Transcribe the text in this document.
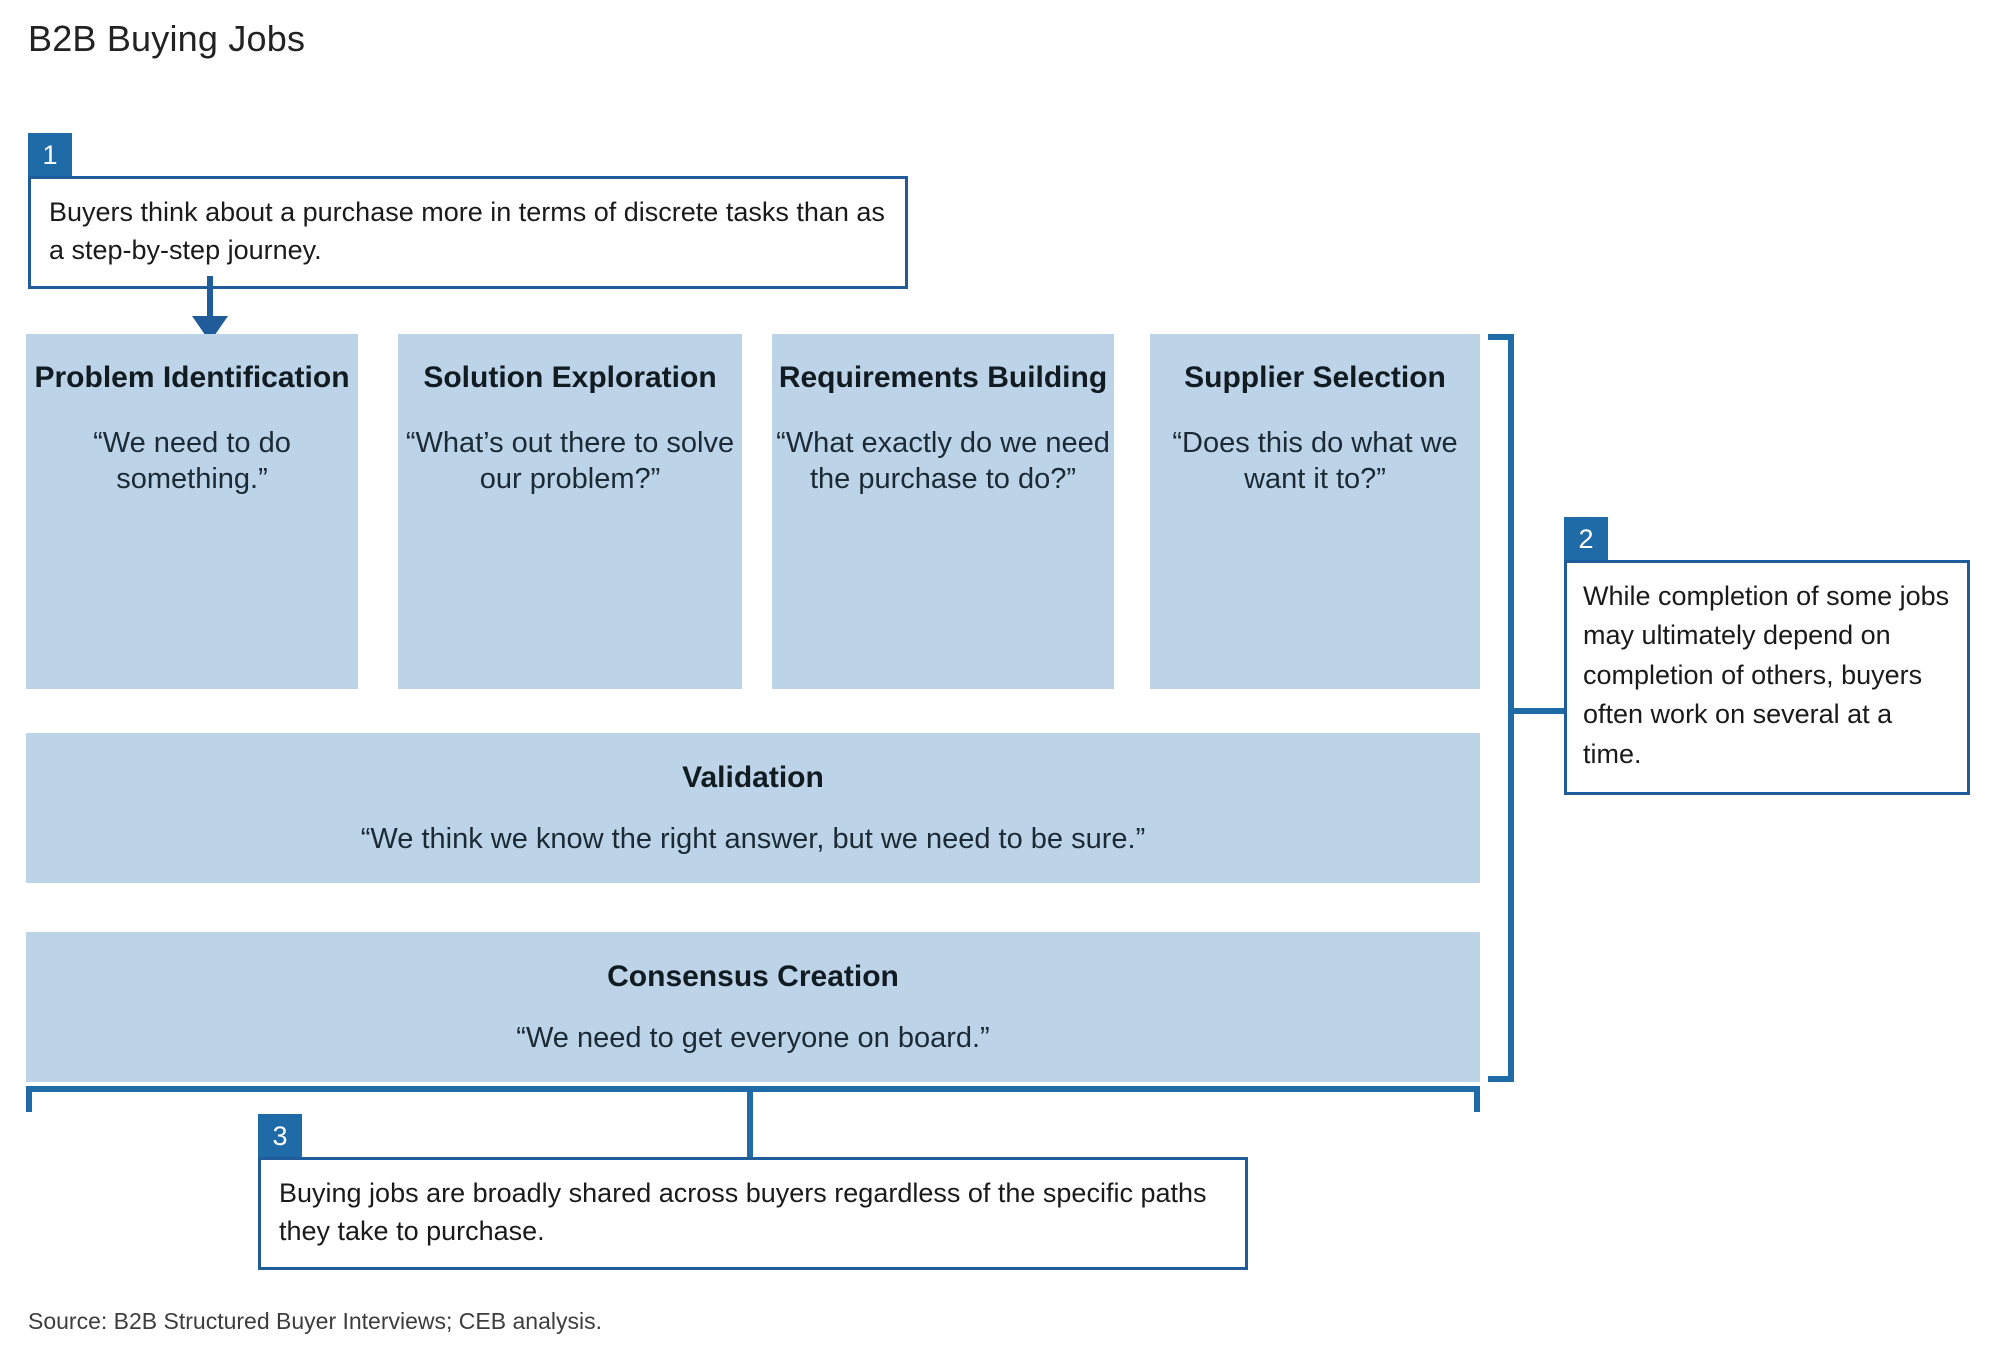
B2B Buying Jobs
1
Buyers think about a purchase more in terms of discrete tasks than as a step-by-step journey.
Problem Identification
“We need to do something.”
Solution Exploration
“What’s out there to solve our problem?”
Requirements Building
“What exactly do we need the purchase to do?”
Supplier Selection
“Does this do what we want it to?”
Validation
“We think we know the right answer, but we need to be sure.”
Consensus Creation
“We need to get everyone on board.”
2
While completion of some jobs may ultimately depend on completion of others, buyers often work on several at a time.
3
Buying jobs are broadly shared across buyers regardless of the specific paths they take to purchase.
Source: B2B Structured Buyer Interviews; CEB analysis.
